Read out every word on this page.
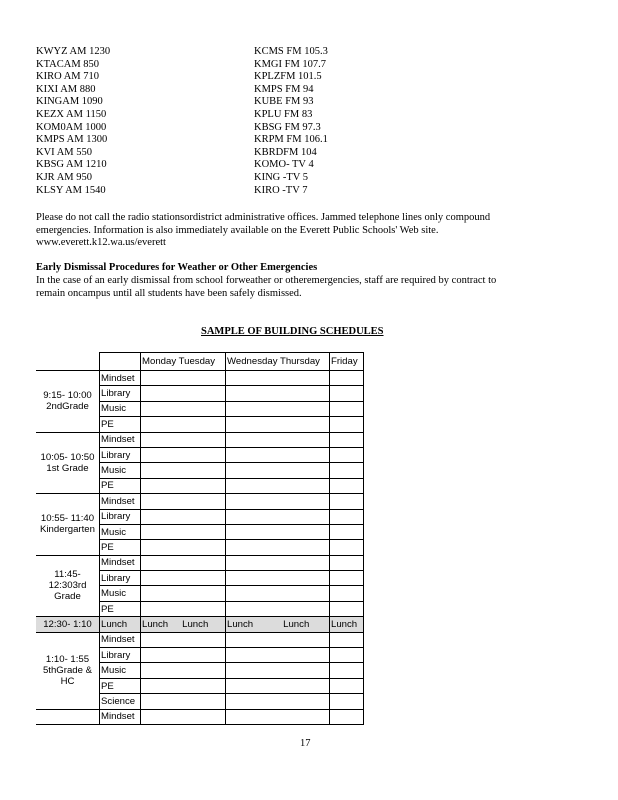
KWYZ AM 1230
KTACAM 850
KIRO AM 710
KIXI AM 880
KINGAM 1090
KEZX AM 1150
KOM0AM 1000
KMPS AM 1300
KVI AM 550
KBSG AM 1210
KJR AM 950
KLSY AM 1540
KCMS FM 105.3
KMGI FM 107.7
KPLZFM 101.5
KMPS FM 94
KUBE FM 93
KPLU FM 83
KBSG FM 97.3
KRPM FM 106.1
KBRDFM 104
KOMO- TV 4
KING -TV 5
KIRO -TV 7
Please do not call the radio stationsordistrict administrative offices. Jammed telephone lines only compound
emergencies. Information is also immediately available on the Everett Public Schools' Web site.
www.everett.k12.wa.us/everett
Early Dismissal Procedures for Weather or Other Emergencies
In the case of an early dismissal from school forweather or otheremergencies, staff are required by contract to
remain oncampus until all students have been safely dismissed.
SAMPLE OF BUILDING SCHEDULES
		Monday Tuesday	Wednesday Thursday	Friday
9:15- 10:00 2ndGrade	Mindset			
	Library			
	Music			
	PE			
10:05- 10:50 1st Grade	Mindset			
	Library			
	Music			
	PE			
10:55- 11:40 Kindergarten	Mindset			
	Library			
	Music			
	PE			
11:45- 12:303rd Grade	Mindset			
	Library			
	Music			
	PE			
12:30- 1:10	Lunch	Lunch Lunch	Lunch Lunch	Lunch
1:10- 1:55 5thGrade & HC	Mindset			
	Library			
	Music			
	PE			
	Science			
	Mindset			
17
